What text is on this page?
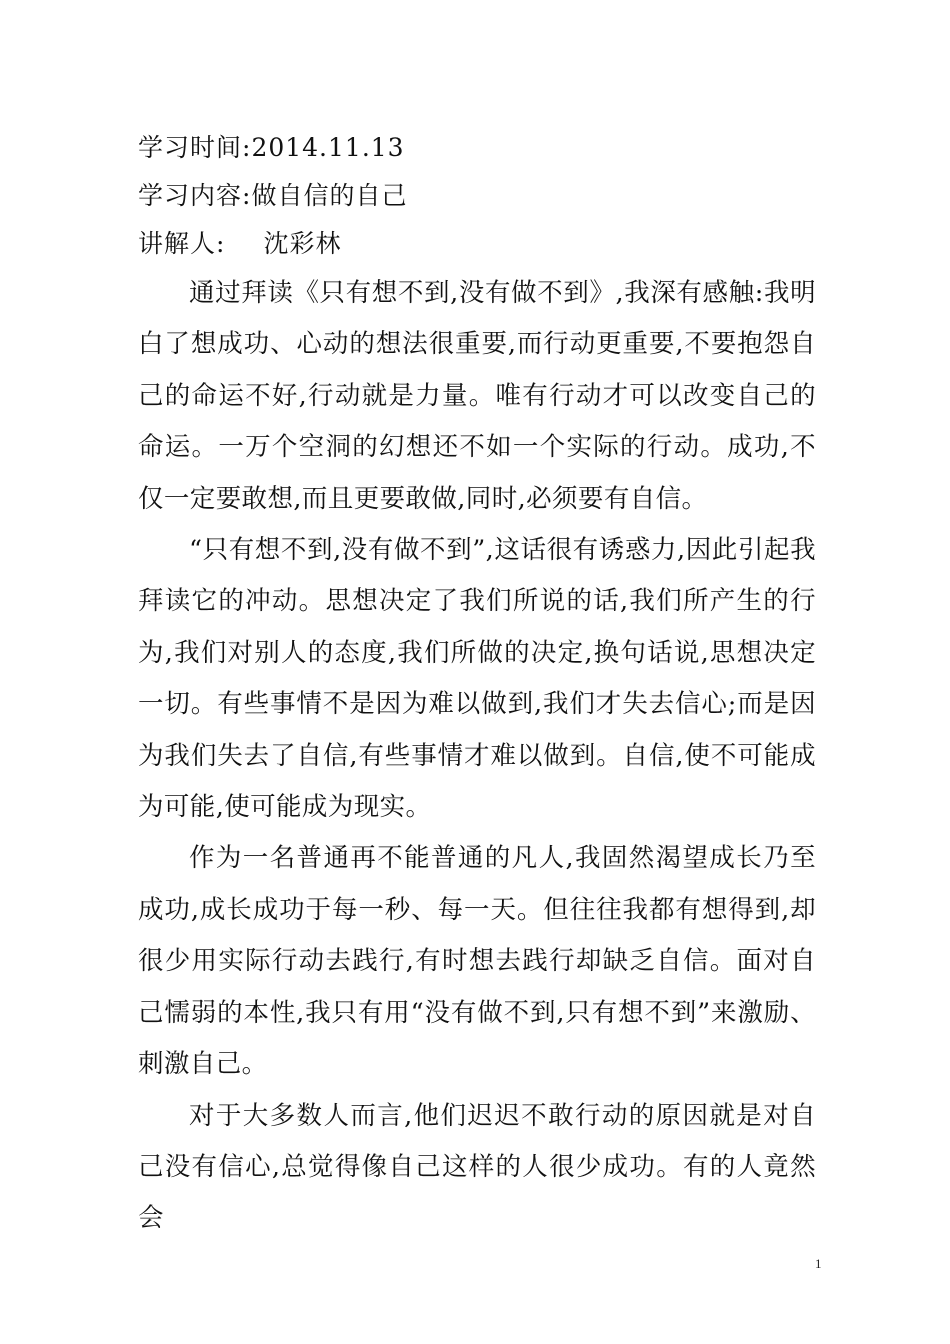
学习时间:2014.11.13
学习内容:做自信的自己
讲解人: 沈彩林

通过拜读《只有想不到,没有做不到》,我深有感触:我明白了想成功、心动的想法很重要,而行动更重要,不要抱怨自己的命运不好,行动就是力量。唯有行动才可以改变自己的命运。一万个空洞的幻想还不如一个实际的行动。成功,不仅一定要敢想,而且更要敢做,同时,必须要有自信。

“只有想不到,没有做不到”,这话很有诱惑力,因此引起我拜读它的冲动。思想决定了我们所说的话,我们所产生的行为,我们对别人的态度,我们所做的决定,换句话说,思想决定一切。有些事情不是因为难以做到,我们才失去信心;而是因为我们失去了自信,有些事情才难以做到。自信,使不可能成为可能,使可能成为现实。

作为一名普通再不能普通的凡人,我固然渴望成长乃至成功,成长成功于每一秒、每一天。但往往我都有想得到,却很少用实际行动去践行,有时想去践行却缺乏自信。面对自己懦弱的本性,我只有用“没有做不到,只有想不到”来激励、刺激自己。

对于大多数人而言,他们迟迟不敢行动的原因就是对自己没有信心,总觉得像自己这样的人很少成功。有的人竟然会

1
